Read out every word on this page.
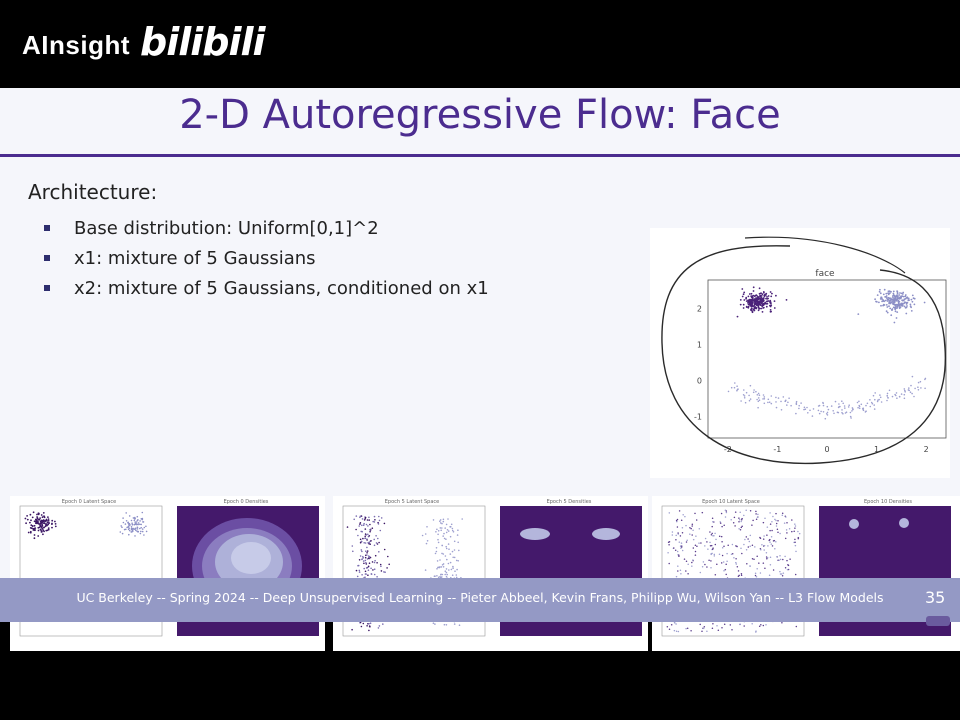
AInsight bilibili
2-D Autoregressive Flow: Face
Architecture:
Base distribution: Uniform[0,1]^2
x1: mixture of 5 Gaussians
x2: mixture of 5 Gaussians, conditioned on x1
face
-2	-1	0	1	2
2
1
0
-1
Epoch 0 Latent Space	Epoch 0 Densities	Epoch 5 Latent Space	Epoch 5 Densities	Epoch 10 Latent Space	Epoch 10 Densities
UC Berkeley -- Spring 2024 -- Deep Unsupervised Learning -- Pieter Abbeel, Kevin Frans, Philipp Wu, Wilson Yan -- L3 Flow Models	35
